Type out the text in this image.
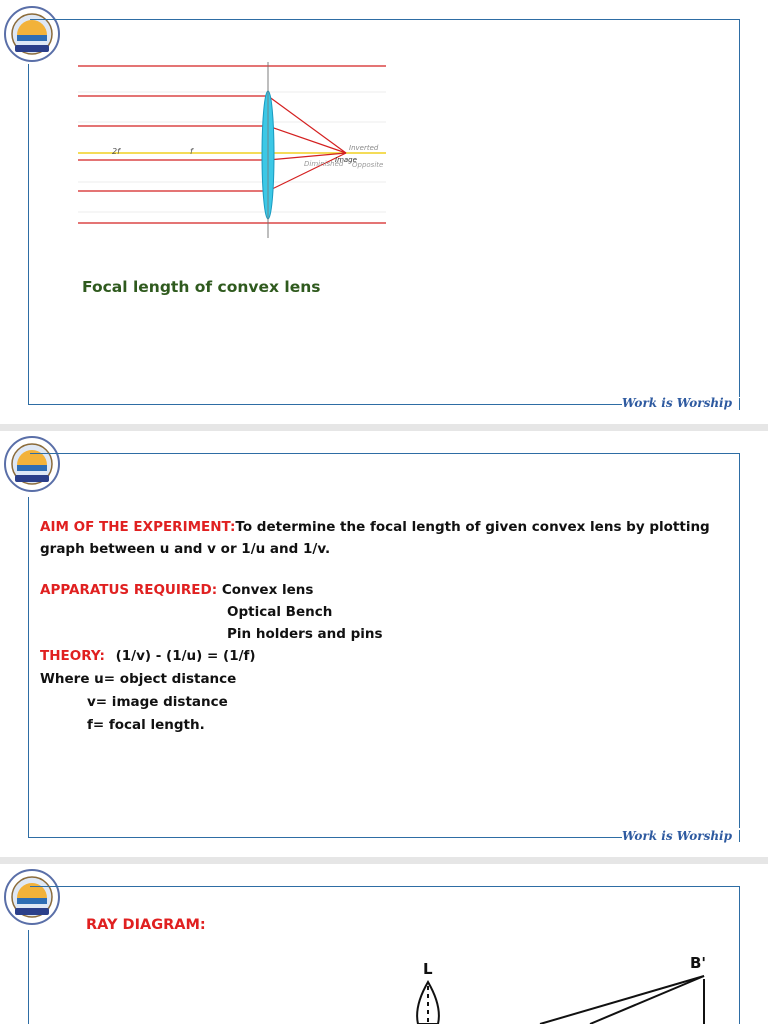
Work is Worship
2f	f	Inverted
Image
Diminished Opposite
Focal length of convex lens
Work is Worship
AIM OF THE EXPERIMENT:To determine the focal length of given convex lens by plotting
graph between u and v or 1/u and 1/v.
APPARATUS REQUIRED: Convex lens
Optical Bench
Pin holders and pins
THEORY: (1/v) - (1/u) = (1/f)
Where u= object distance
v= image distance
f= focal length.
RAY DIAGRAM:
L	B'
